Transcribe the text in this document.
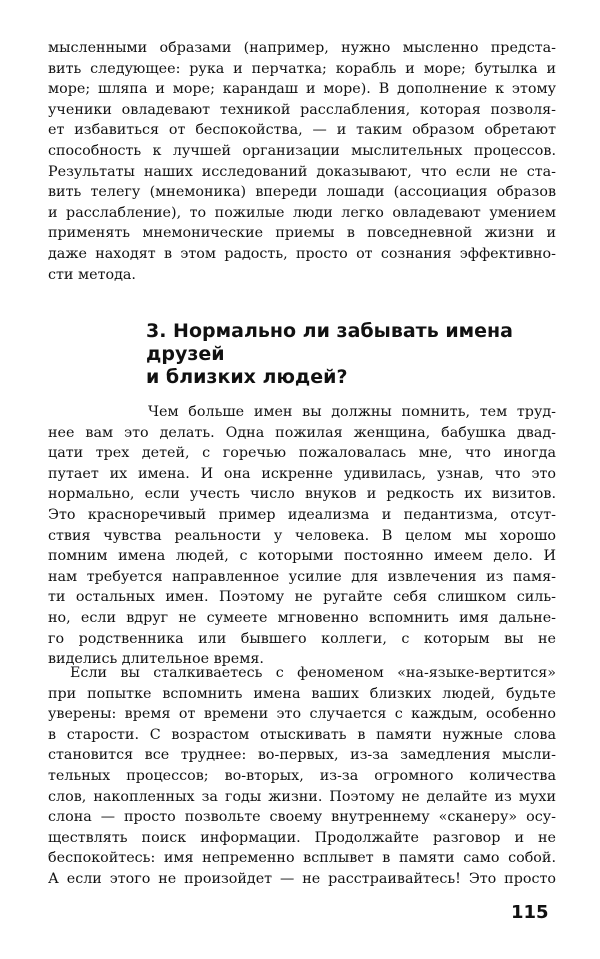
мысленными образами (например, нужно мысленно предста-
вить следующее: рука и перчатка; корабль и море; бутылка и
море; шляпа и море; карандаш и море). В дополнение к этому
ученики овладевают техникой расслабления, которая позволя-
ет избавиться от беспокойства, — и таким образом обретают
способность к лучшей организации мыслительных процессов.
Результаты наших исследований доказывают, что если не ста-
вить телегу (мнемоника) впереди лошади (ассоциация образов
и расслабление), то пожилые люди легко овладевают умением
применять мнемонические приемы в повседневной жизни и
даже находят в этом радость, просто от сознания эффективно-
сти метода.
3. Нормально ли забывать имена
друзей
и близких людей?
Чем больше имен вы должны помнить, тем труд-
нее вам это делать. Одна пожилая женщина, бабушка двад-
цати трех детей, с горечью пожаловалась мне, что иногда
путает их имена. И она искренне удивилась, узнав, что это
нормально, если учесть число внуков и редкость их визитов.
Это красноречивый пример идеализма и педантизма, отсут-
ствия чувства реальности у человека. В целом мы хорошо
помним имена людей, с которыми постоянно имеем дело. И
нам требуется направленное усилие для извлечения из памя-
ти остальных имен. Поэтому не ругайте себя слишком силь-
но, если вдруг не сумеете мгновенно вспомнить имя дальне-
го родственника или бывшего коллеги, с которым вы не
виделись длительное время.
Если вы сталкиваетесь с феноменом «на-языке-вертится»
при попытке вспомнить имена ваших близких людей, будьте
уверены: время от времени это случается с каждым, особенно
в старости. С возрастом отыскивать в памяти нужные слова
становится все труднее: во-первых, из-за замедления мысли-
тельных процессов; во-вторых, из-за огромного количества
слов, накопленных за годы жизни. Поэтому не делайте из мухи
слона — просто позвольте своему внутреннему «сканеру» осу-
ществлять поиск информации. Продолжайте разговор и не
беспокойтесь: имя непременно всплывет в памяти само собой.
А если этого не произойдет — не расстраивайтесь! Это просто
115
